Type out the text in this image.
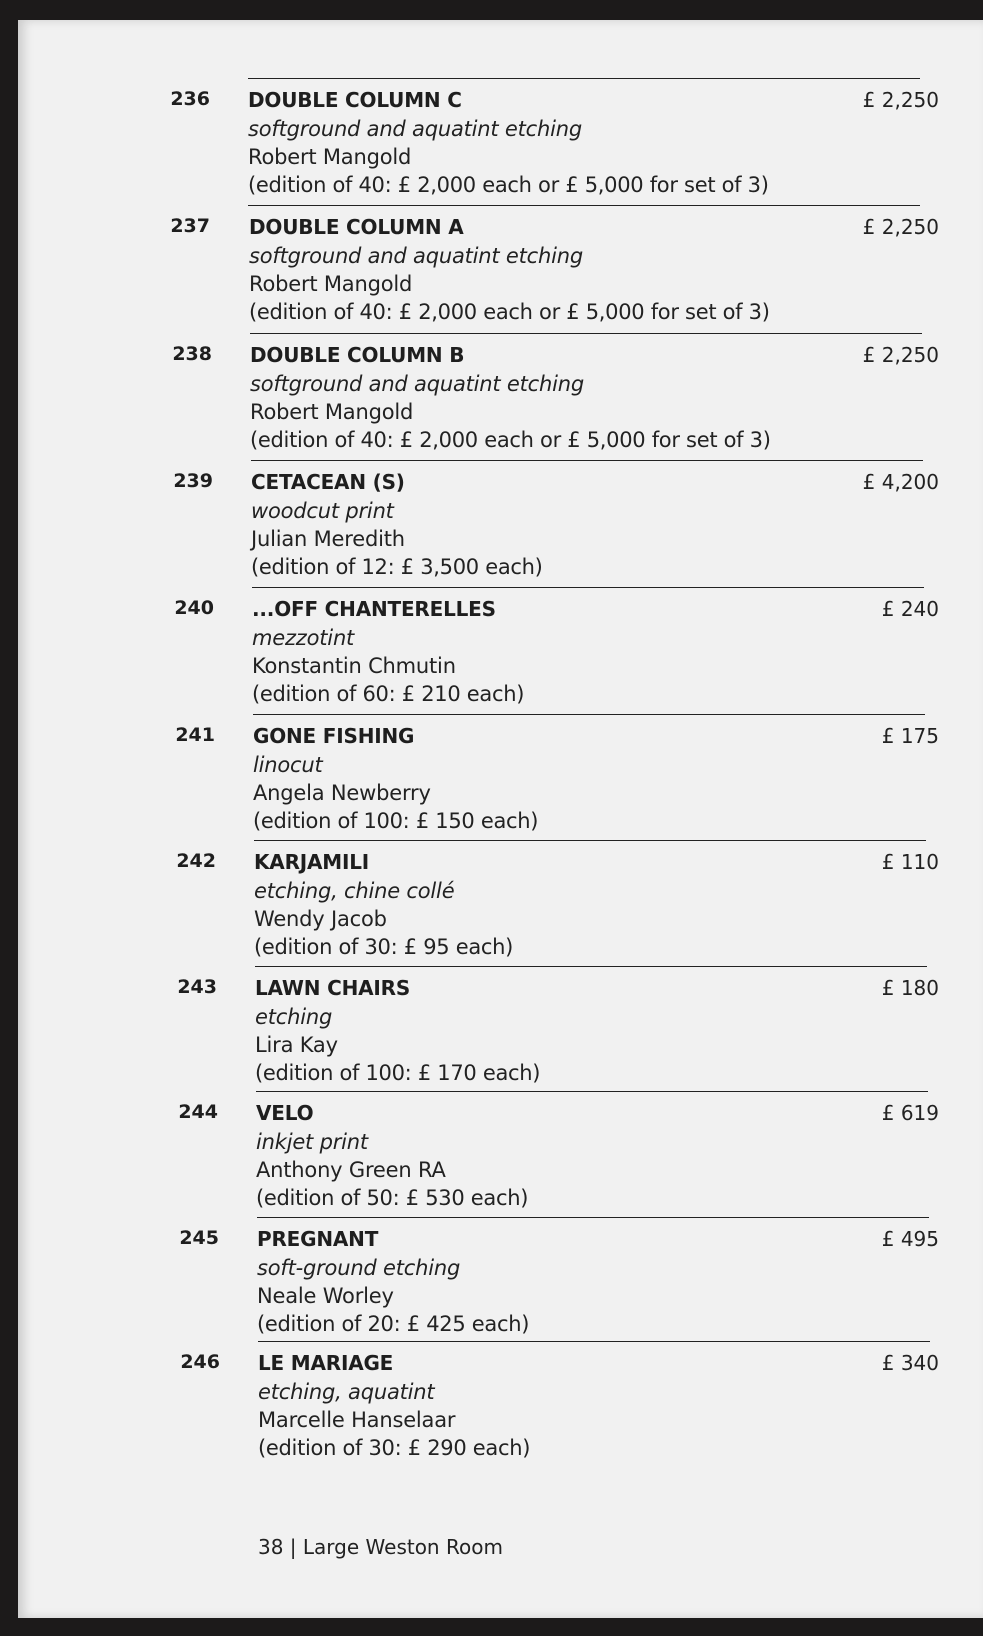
236 DOUBLE COLUMN C
softground and aquatint etching
Robert Mangold
(edition of 40: £ 2,000 each or £ 5,000 for set of 3)
£ 2,250
237 DOUBLE COLUMN A
softground and aquatint etching
Robert Mangold
(edition of 40: £ 2,000 each or £ 5,000 for set of 3)
£ 2,250
238 DOUBLE COLUMN B
softground and aquatint etching
Robert Mangold
(edition of 40: £ 2,000 each or £ 5,000 for set of 3)
£ 2,250
239 CETACEAN (S)
woodcut print
Julian Meredith
(edition of 12: £ 3,500 each)
£ 4,200
240 ...OFF CHANTERELLES
mezzotint
Konstantin Chmutin
(edition of 60: £ 210 each)
£ 240
241 GONE FISHING
linocut
Angela Newberry
(edition of 100: £ 150 each)
£ 175
242 KARJAMILI
etching, chine collé
Wendy Jacob
(edition of 30: £ 95 each)
£ 110
243 LAWN CHAIRS
etching
Lira Kay
(edition of 100: £ 170 each)
£ 180
244 VELO
inkjet print
Anthony Green RA
(edition of 50: £ 530 each)
£ 619
245 PREGNANT
soft-ground etching
Neale Worley
(edition of 20: £ 425 each)
£ 495
246 LE MARIAGE
etching, aquatint
Marcelle Hanselaar
(edition of 30: £ 290 each)
£ 340
38 | Large Weston Room
